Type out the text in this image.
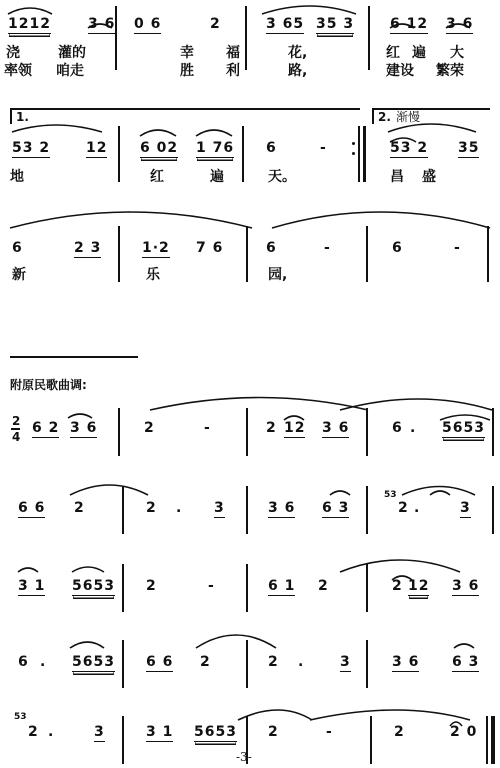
1212	3 6 0 6	2	3 65 35 3	6 12 3 6
浇	灌的	幸 福	花,	红 遍 大
率领 咱走	胜 利	路,	建设 繁荣
1.	2. 渐慢
53 2	12 6 02 1 76 6	-	53 2 35
地	红	遍	天。	昌 盛
6	2 3	1·2 7 6	6	-	6	-
新	乐	园,
附原民歌曲调:
2
4
6 2 3 6	2	-	2 12 3 6	6 . 5653
6 6 2	2 . 3	3 6 6 3
53
2 .	3
3 1 5653 2	-	6 1 2	2 12 3 6
6 . 5653 6 6 2	2 .	3	3 6 6 3
53
2 .	3	3 1 5653 2	-	2	2 0
-3-
